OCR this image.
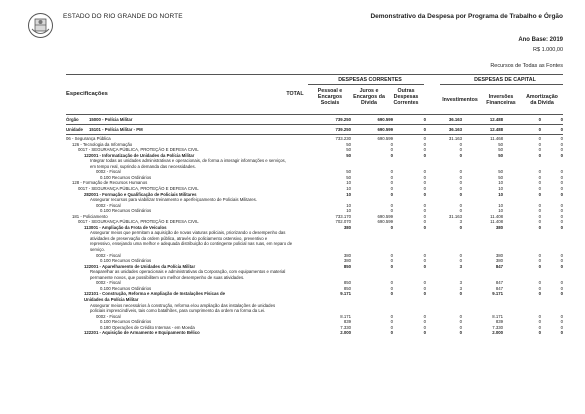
ESTADO DO RIO GRANDE DO NORTE	Demonstrativo da Despesa por Programa de Trabalho e Órgão
Ano Base: 2019
R$ 1.000,00
Recursos de Todas as Fontes
DESPESAS CORRENTES	DESPESAS DE CAPITAL
Especificações	TOTAL	Pessoal e
Encargos
Sociais
Juros e
Encargos da
Dívida
Outras
Despesas
Correntes	Investimentos	Inversões
Financeiras
Amortização
da Dívida
Órgão 15000 - Polícia Militar	739.250	690.599	0	36.163	12.488	0	0
Unidade 15101 - Polícia Militar - PM	739.250	690.599	0	36.163	12.488	0	0
06 - Segurança Pública	733.230	690.599	0	31.163	11.468	0	0
126 - Tecnologia da Informação	50	0	0	0	50	0	0
0017 - SEGURANÇA PÚBLICA, PROTEÇÃO E DEFESA CIVIL	50	0	0	0	50	0	0
122001 - Informatização de Unidades da Polícia Militar	50	0	0	0	50	0	0
Integrar todas as unidades administrativas e operacionais, de forma a interagir informações e serviços,
em tempo real, suprindo a demanda das necessidades.
0002 - Fiscal	50	0	0	0	50	0	0
0.100 Recursos Ordinários	50	0	0	0	50	0	0
128 - Formação de Recursos Humanos	10	0	0	0	10	0	0
0017 - SEGURANÇA PÚBLICA, PROTEÇÃO E DEFESA CIVIL	10	0	0	0	10	0	0
282001 - Formação e Qualificação de Policiais Militares	10	0	0	0	10	0	0
Assegurar recursos para viabilizar treinamento e aperfeiçoamento de Policiais Militares.
0002 - Fiscal	10	0	0	0	10	0	0
0.100 Recursos Ordinários	10	0	0	0	10	0	0
181 - Policiamento	733.170	690.599	0	31.163	11.408	0	0
0017 - SEGURANÇA PÚBLICA, PROTEÇÃO E DEFESA CIVIL	702.070	690.599	0	3	11.408	0	0
113001 - Ampliação da Frota de Veículos	380	0	0	0	380	0	0
Assegurar meios que permitam a aquisição de novas viaturas policiais, priorizando o desempenho das
atividades de preservação da ordem pública, através do policiamento ostensivo, preventivo e
repressivo, ensejando uma melhor e adequada distribuição do contingente policial nas ruas, em reparo de
serviço.
0002 - Fiscal	380	0	0	0	380	0	0
0.100 Recursos Ordinários	380	0	0	0	380	0	0
122001 - Aparelhamento de Unidades da Polícia Militar	850	0	0	3	847	0	0
Reaparelhar as unidades operacionais e administrativas da Corporação, com equipamentos e material
permanente novos, que possibilitem um melhor desempenho de suas atividades.
0002 - Fiscal	850	0	0	3	847	0	0
0.100 Recursos Ordinários	850	0	0	3	847	0	0
122101 - Construção, Reforma e Ampliação de Instalações Físicas de	9.171	0	0	0	9.171	0	0
Unidades da Polícia Militar
Assegurar meios necessários à construção, reforma e/ou ampliação das instalações de unidades
policiais imprescindíveis, tais como batalhões, para cumprimento da ordem na forma da Lei.
0002 - Fiscal	8.171	0	0	0	8.171	0	0
0.100 Recursos Ordinários	839	0	0	0	839	0	0
0.180 Operações de Crédito Internas - em Moeda	7.330	0	0	0	7.330	0	0
122201 - Aquisição de Armamento e Equipamento Bélico	2.000	0	0	0	2.000	0	0
